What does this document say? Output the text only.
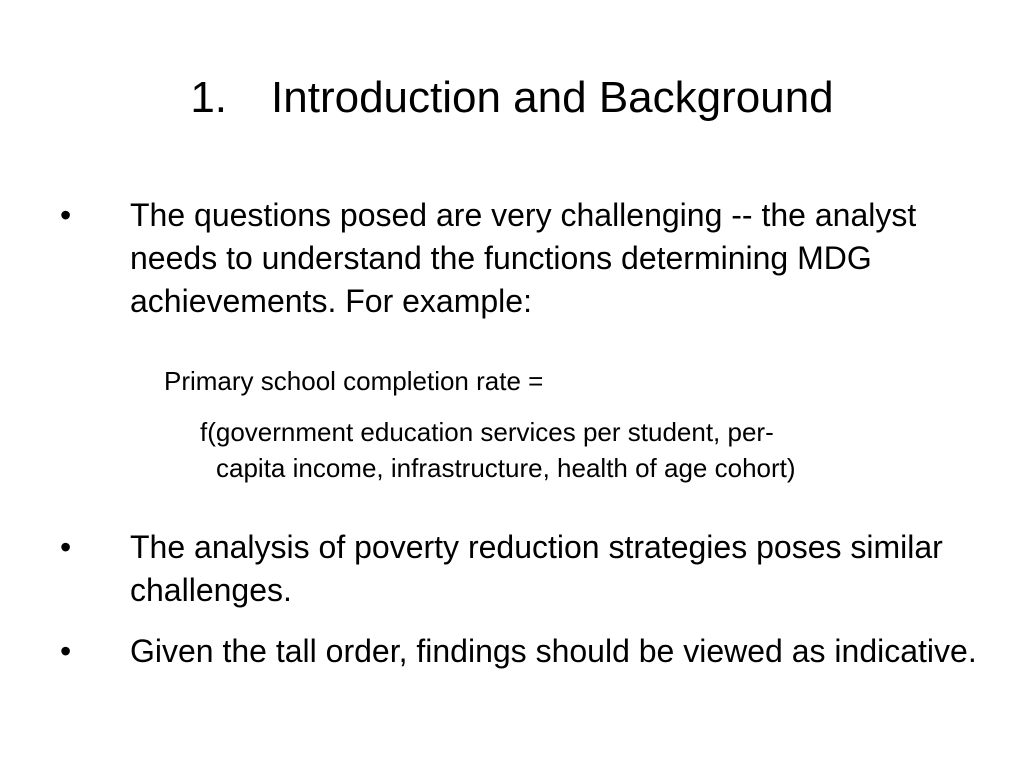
1. Introduction and Background
•	The questions posed are very challenging -- the analyst needs to understand the functions determining MDG achievements. For example:
Primary school completion rate =
f(government education services per student, per-
capita income, infrastructure, health of age cohort)
•	The analysis of poverty reduction strategies poses similar challenges.
•	Given the tall order, findings should be viewed as indicative.
